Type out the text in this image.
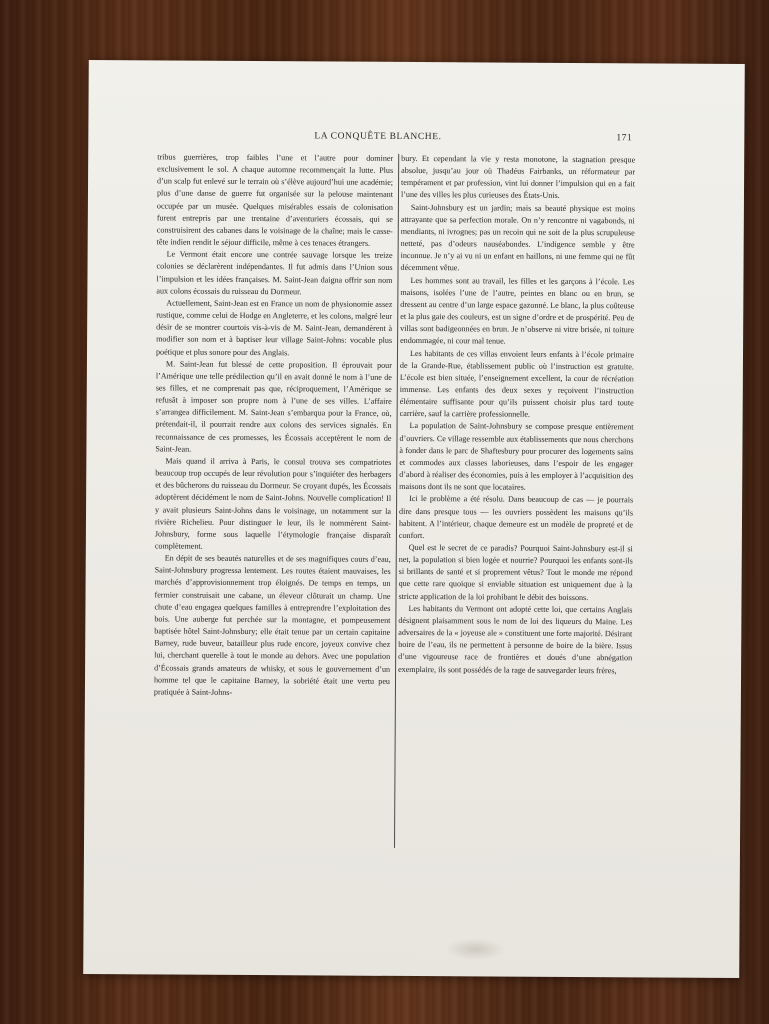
LA CONQUÊTE BLANCHE.	171

tribus guerrières, trop faibles l’une et l’autre pour dominer exclusivement le sol. A chaque automne recommençait la lutte. Plus d’un scalp fut enlevé sur le terrain où s’élève aujourd’hui une académie; plus d’une danse de guerre fut organisée sur la pelouse maintenant occupée par un musée. Quelques misérables essais de colonisation furent entrepris par une trentaine d’aventuriers écossais, qui se construisirent des cabanes dans le voisinage de la chaîne; mais le casse-tête indien rendit le séjour difficile, même à ces tenaces étrangers.

Le Vermont était encore une contrée sauvage lorsque les treize colonies se déclarèrent indépendantes. Il fut admis dans l’Union sous l’impulsion et les idées françaises. M. Saint-Jean daigna offrir son nom aux colons écossais du ruisseau du Dormeur.

Actuellement, Saint-Jean est en France un nom de physionomie assez rustique, comme celui de Hodge en Angleterre, et les colons, malgré leur désir de se montrer courtois vis-à-vis de M. Saint-Jean, demandèrent à modifier son nom et à baptiser leur village Saint-Johns: vocable plus poétique et plus sonore pour des Anglais.

M. Saint-Jean fut blessé de cette proposition. Il éprouvait pour l’Amérique une telle prédilection qu’il en avait donné le nom à l’une de ses filles, et ne comprenait pas que, réciproquement, l’Amérique se refusât à imposer son propre nom à l’une de ses villes. L’affaire s’arrangea difficilement. M. Saint-Jean s’embarqua pour la France, où, prétendait-il, il pourrait rendre aux colons des services signalés. En reconnaissance de ces promesses, les Écossais acceptèrent le nom de Saint-Jean.

Mais quand il arriva à Paris, le consul trouva ses compatriotes beaucoup trop occupés de leur révolution pour s’inquiéter des herbagers et des bûcherons du ruisseau du Dormeur. Se croyant dupés, les Écossais adoptèrent décidément le nom de Saint-Johns. Nouvelle complication! Il y avait plusieurs Saint-Johns dans le voisinage, un notamment sur la rivière Richelieu. Pour distinguer le leur, ils le nommèrent Saint-Johnsbury, forme sous laquelle l’étymologie française disparaît complètement.

En dépit de ses beautés naturelles et de ses magnifiques cours d’eau, Saint-Johnsbury progressa lentement. Les routes étaient mauvaises, les marchés d’approvisionnement trop éloignés. De temps en temps, un fermier construisait une cabane, un éleveur clôturait un champ. Une chute d’eau engagea quelques familles à entreprendre l’exploitation des bois. Une auberge fut perchée sur la montagne, et pompeusement baptisée hôtel Saint-Johnsbury; elle était tenue par un certain capitaine Barney, rude buveur, batailleur plus rude encore, joyeux convive chez lui, cherchant querelle à tout le monde au dehors. Avec une population d’Écossais grands amateurs de whisky, et sous le gouvernement d’un homme tel que le capitaine Barney, la sobriété était une vertu peu pratiquée à Saint-Johns-

bury. Et cependant la vie y resta monotone, la stagnation presque absolue, jusqu’au jour où Thadéus Fairbanks, un réformateur par tempérament et par profession, vint lui donner l’impulsion qui en a fait l’une des villes les plus curieuses des États-Unis.

Saint-Johnsbury est un jardin; mais sa beauté physique est moins attrayante que sa perfection morale. On n’y rencontre ni vagabonds, ni mendiants, ni ivrognes; pas un recoin qui ne soit de la plus scrupuleuse netteté, pas d’odeurs nauséabondes. L’indigence semble y être inconnue. Je n’y ai vu ni un enfant en haillons, ni une femme qui ne fût décemment vêtue.

Les hommes sont au travail, les filles et les garçons à l’école. Les maisons, isolées l’une de l’autre, peintes en blanc ou en brun, se dressent au centre d’un large espace gazonné. Le blanc, la plus coûteuse et la plus gaie des couleurs, est un signe d’ordre et de prospérité. Peu de villas sont badigeonnées en brun. Je n’observe ni vitre brisée, ni toiture endommagée, ni cour mal tenue.

Les habitants de ces villas envoient leurs enfants à l’école primaire de la Grande-Rue, établissement public où l’instruction est gratuite. L’école est bien située, l’enseignement excellent, la cour de récréation immense. Les enfants des deux sexes y reçoivent l’instruction élémentaire suffisante pour qu’ils puissent choisir plus tard toute carrière, sauf la carrière professionnelle.

La population de Saint-Johnsbury se compose presque entièrement d’ouvriers. Ce village ressemble aux établissements que nous cherchons à fonder dans le parc de Shaftesbury pour procurer des logements sains et commodes aux classes laborieuses, dans l’espoir de les engager d’abord à réaliser des économies, puis à les employer à l’acquisition des maisons dont ils ne sont que locataires.

Ici le problème a été résolu. Dans beaucoup de cas — je pourrais dire dans presque tous — les ouvriers possèdent les maisons qu’ils habitent. A l’intérieur, chaque demeure est un modèle de propreté et de confort.

Quel est le secret de ce paradis? Pourquoi Saint-Johnsbury est-il si net, la population si bien logée et nourrie? Pourquoi les enfants sont-ils si brillants de santé et si proprement vêtus? Tout le monde me répond que cette rare quoique si enviable situation est uniquement due à la stricte application de la loi prohibant le débit des boissons.

Les habitants du Vermont ont adopté cette loi, que certains Anglais désignent plaisamment sous le nom de loi des liqueurs du Maine. Les adversaires de la « joyeuse ale » constituent une forte majorité. Désirant boire de l’eau, ils ne permettent à personne de boire de la bière. Issus d’une vigoureuse race de frontières et doués d’une abnégation exemplaire, ils sont possédés de la rage de sauvegarder leurs frères,
